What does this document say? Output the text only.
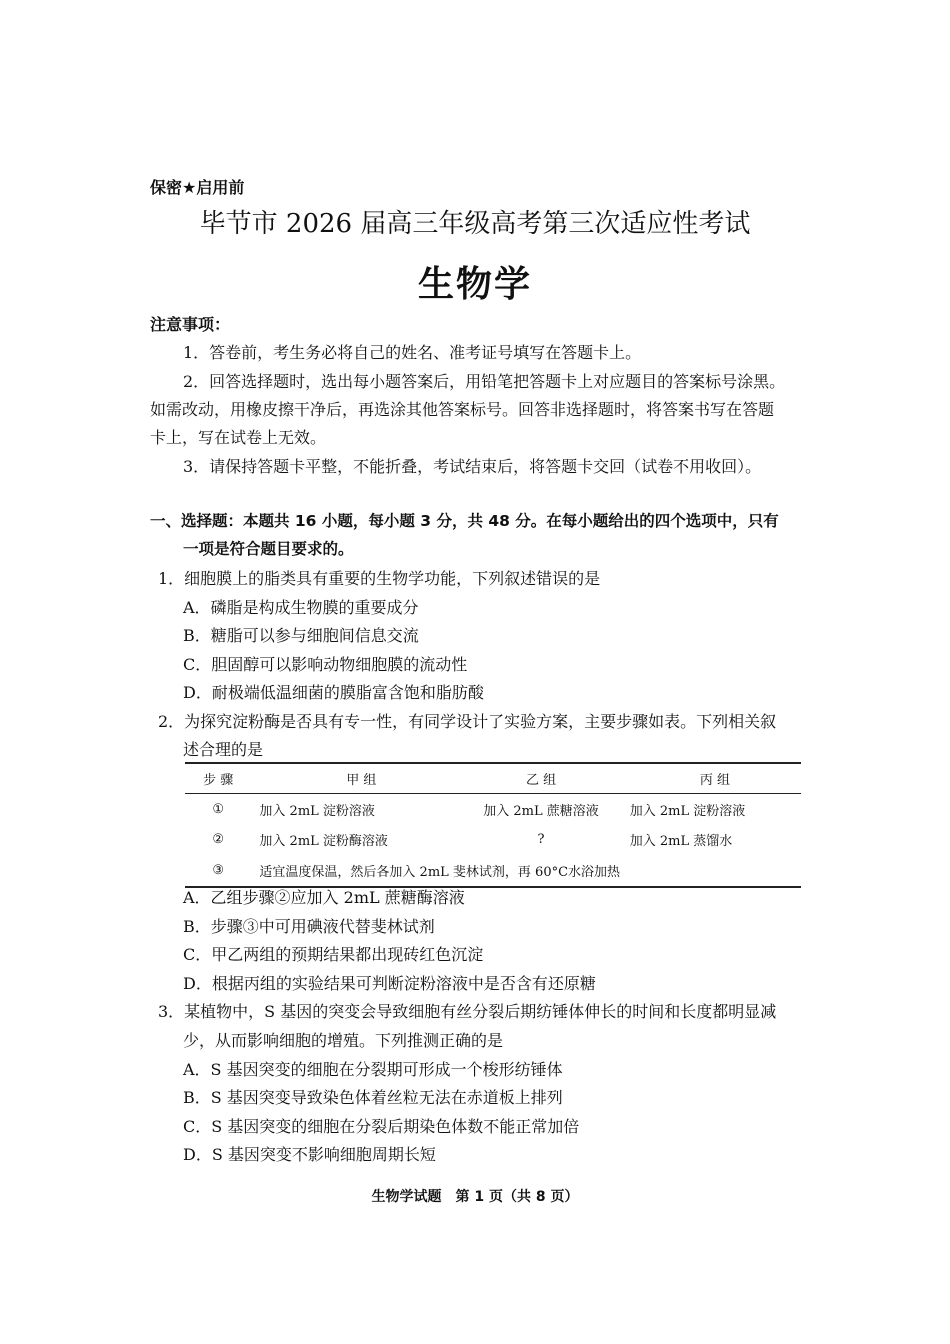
保密★启用前
毕节市 2026 届高三年级高考第三次适应性考试
生物学
注意事项：
1．答卷前，考生务必将自己的姓名、准考证号填写在答题卡上。
2．回答选择题时，选出每小题答案后，用铅笔把答题卡上对应题目的答案标号涂黑。
如需改动，用橡皮擦干净后，再选涂其他答案标号。回答非选择题时，将答案书写在答题
卡上，写在试卷上无效。
3．请保持答题卡平整，不能折叠，考试结束后，将答题卡交回（试卷不用收回）。
一、选择题：本题共 16 小题，每小题 3 分，共 48 分。在每小题给出的四个选项中，只有
一项是符合题目要求的。
1．细胞膜上的脂类具有重要的生物学功能，下列叙述错误的是
A．磷脂是构成生物膜的重要成分
B．糖脂可以参与细胞间信息交流
C．胆固醇可以影响动物细胞膜的流动性
D．耐极端低温细菌的膜脂富含饱和脂肪酸
2．为探究淀粉酶是否具有专一性，有同学设计了实验方案，主要步骤如表。下列相关叙
述合理的是
步 骤	甲 组	乙 组	丙 组
①	加入 2mL 淀粉溶液	加入 2mL 蔗糖溶液	加入 2mL 淀粉溶液
②	加入 2mL 淀粉酶溶液	?	加入 2mL 蒸馏水
③	适宜温度保温，然后各加入 2mL 斐林试剂，再 60°C水浴加热		
A．乙组步骤②应加入 2mL 蔗糖酶溶液
B．步骤③中可用碘液代替斐林试剂
C．甲乙两组的预期结果都出现砖红色沉淀
D．根据丙组的实验结果可判断淀粉溶液中是否含有还原糖
3．某植物中，S 基因的突变会导致细胞有丝分裂后期纺锤体伸长的时间和长度都明显减
少，从而影响细胞的增殖。下列推测正确的是
A．S 基因突变的细胞在分裂期可形成一个梭形纺锤体
B．S 基因突变导致染色体着丝粒无法在赤道板上排列
C．S 基因突变的细胞在分裂后期染色体数不能正常加倍
D．S 基因突变不影响细胞周期长短
生物学试题　第 1 页（共 8 页）
